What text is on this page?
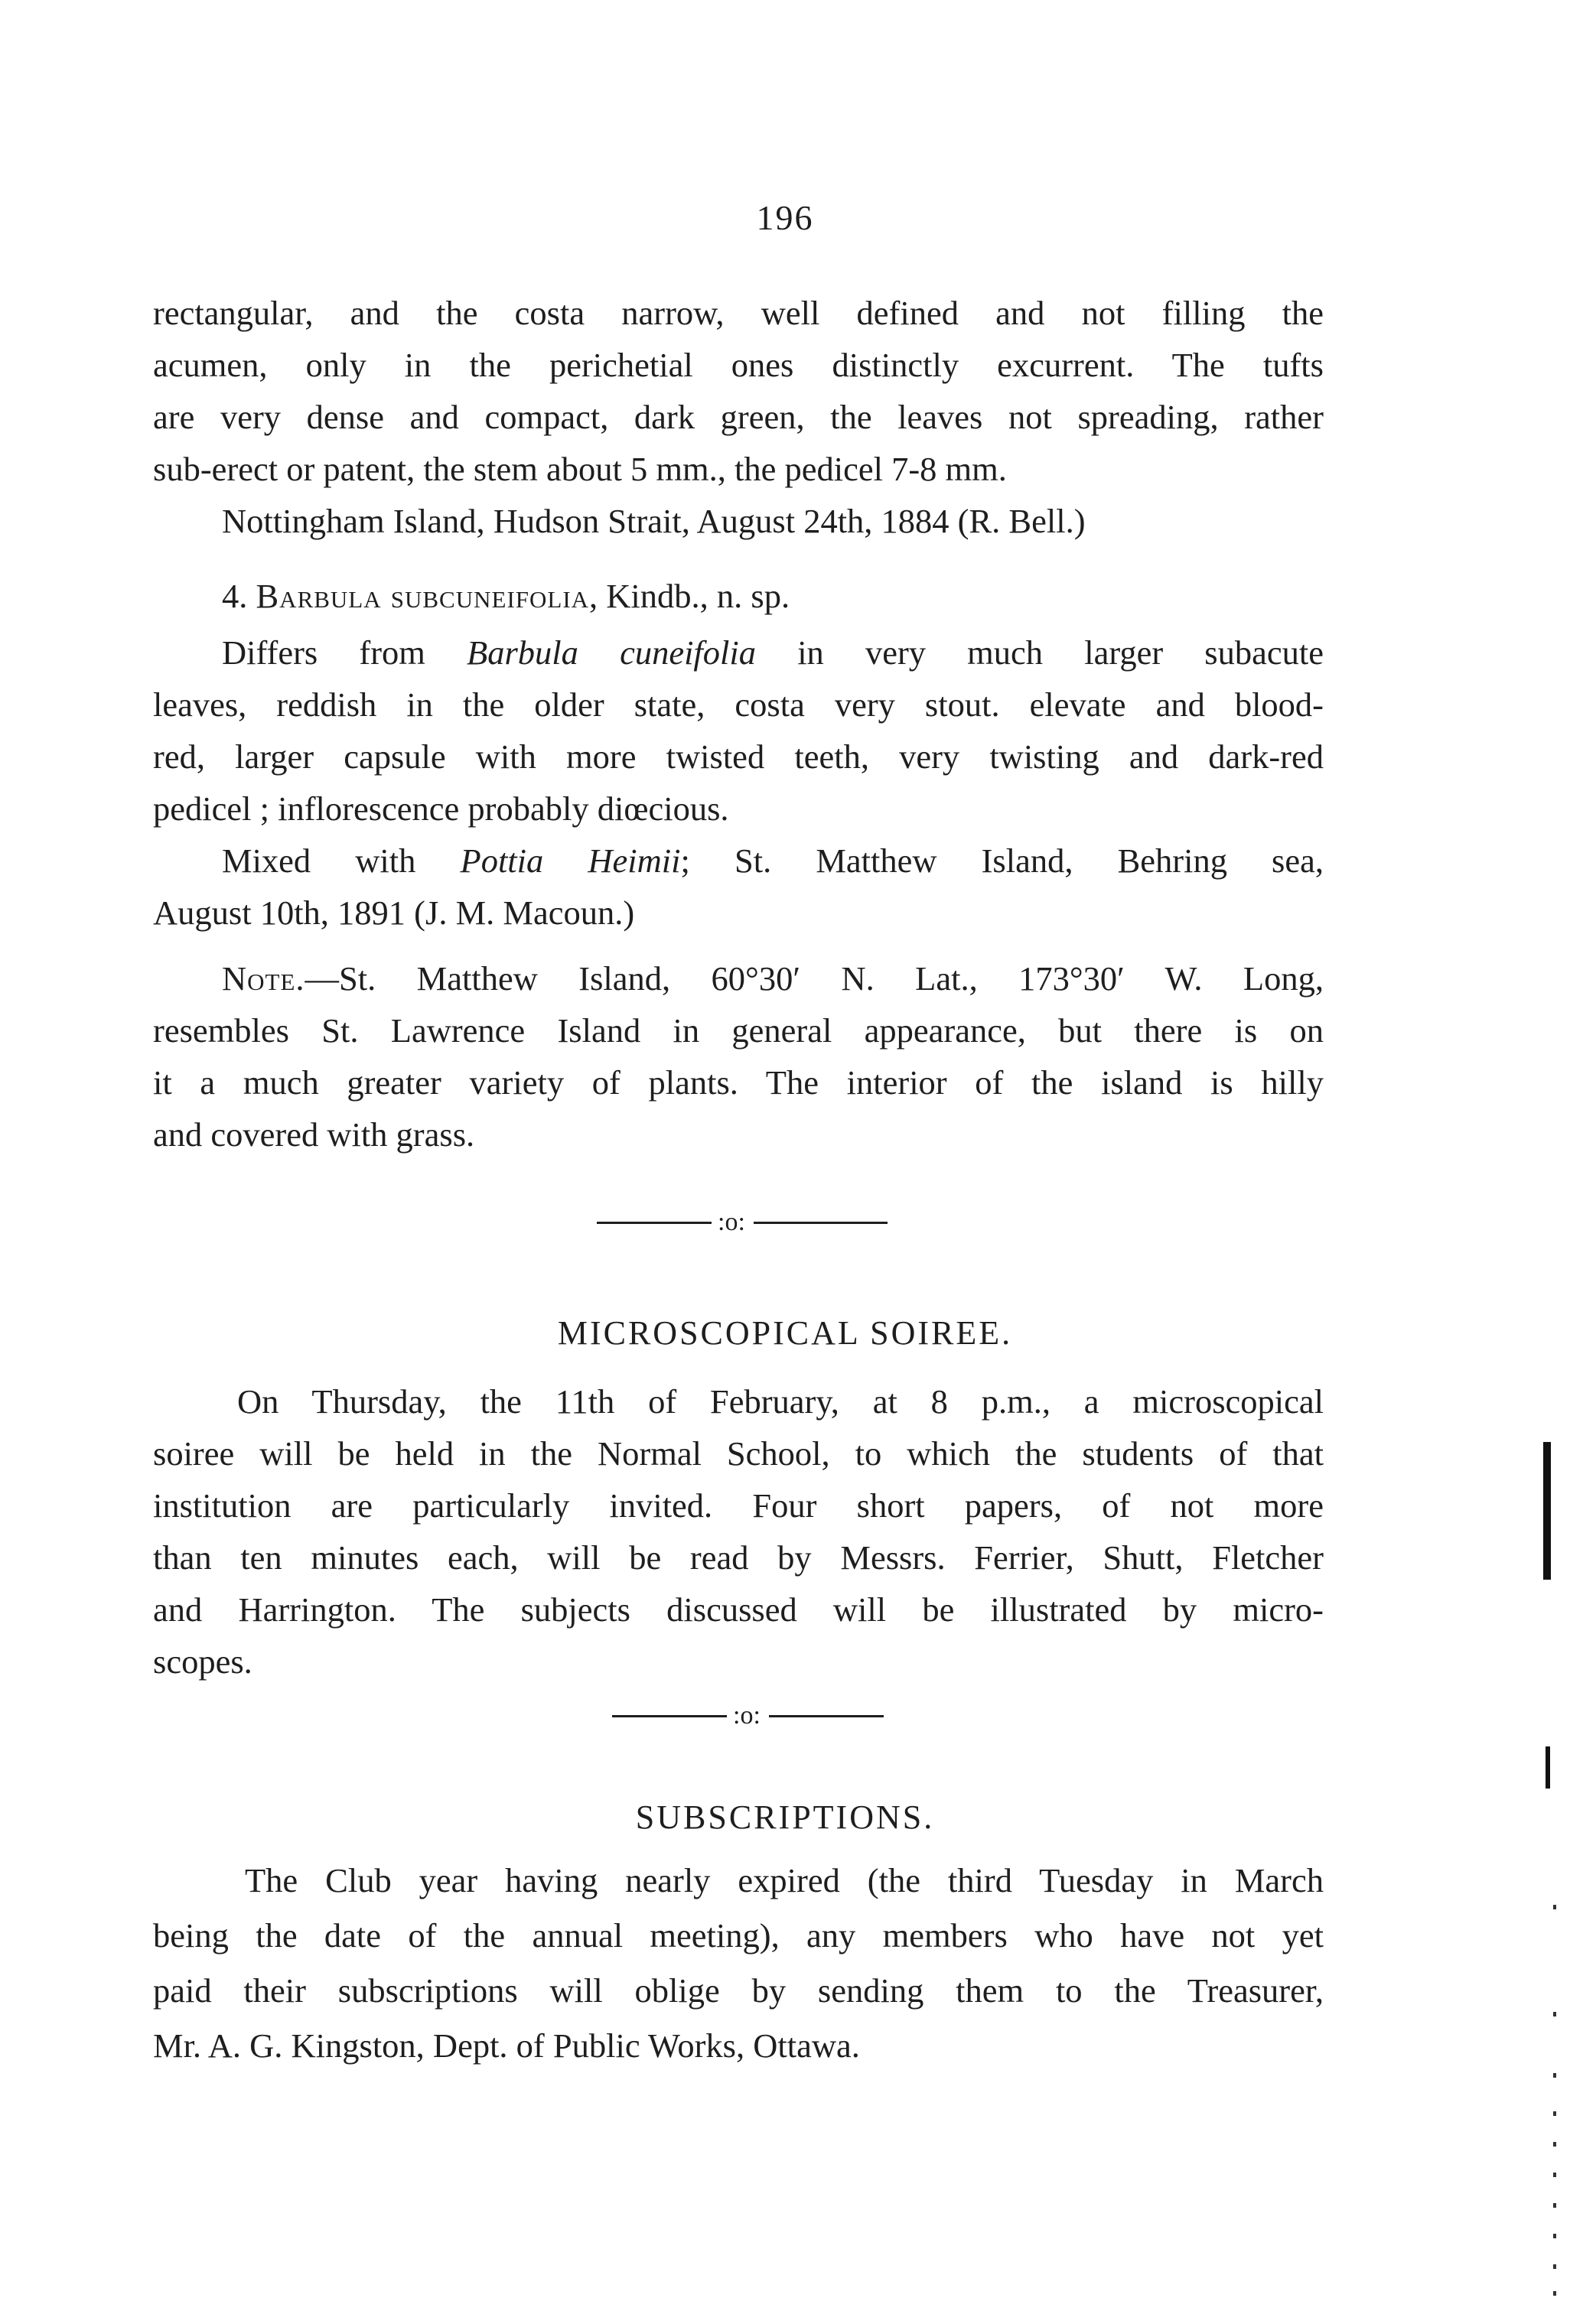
196
rectangular, and the costa narrow, well defined and not filling the
acumen, only in the perichetial ones distinctly excurrent. The tufts
are very dense and compact, dark green, the leaves not spreading, rather
sub-erect or patent, the stem about 5 mm., the pedicel 7-8 mm.
Nottingham Island, Hudson Strait, August 24th, 1884 (R. Bell.)
4. Barbula subcuneifolia, Kindb., n. sp.
Differs from Barbula cuneifolia in very much larger subacute
leaves, reddish in the older state, costa very stout. elevate and blood-
red, larger capsule with more twisted teeth, very twisting and dark-red
pedicel ; inflorescence probably diœcious.
Mixed with Pottia Heimii; St. Matthew Island, Behring sea,
August 10th, 1891 (J. M. Macoun.)
Note.—St. Matthew Island, 60°30′ N. Lat., 173°30′ W. Long,
resembles St. Lawrence Island in general appearance, but there is on
it a much greater variety of plants. The interior of the island is hilly
and covered with grass.
:o:
MICROSCOPICAL SOIREE.
On Thursday, the 11th of February, at 8 p.m., a microscopical
soiree will be held in the Normal School, to which the students of that
institution are particularly invited. Four short papers, of not more
than ten minutes each, will be read by Messrs. Ferrier, Shutt, Fletcher
and Harrington. The subjects discussed will be illustrated by micro-
scopes.
:o:
SUBSCRIPTIONS.
The Club year having nearly expired (the third Tuesday in March
being the date of the annual meeting), any members who have not yet
paid their subscriptions will oblige by sending them to the Treasurer,
Mr. A. G. Kingston, Dept. of Public Works, Ottawa.
